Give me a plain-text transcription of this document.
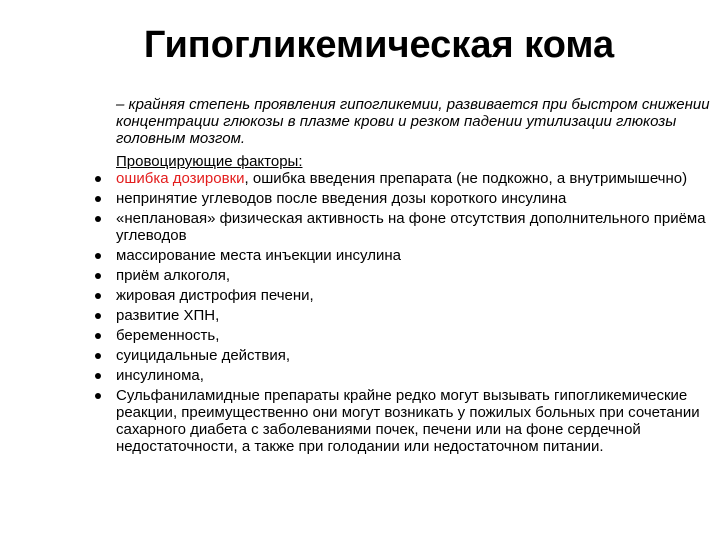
Гипогликемическая кома

– крайняя степень проявления гипогликемии, развивается при быстром снижении концентрации глюкозы в плазме крови и резком падении утилизации глюкозы головным мозгом.

Провоцирующие факторы:

ошибка дозировки, ошибка введения препарата (не подкожно, а внутримышечно)
непринятие углеводов после введения дозы короткого инсулина
«неплановая» физическая активность на фоне отсутствия дополнительного приёма углеводов
массирование места инъекции инсулина
приём алкоголя,
жировая дистрофия печени,
развитие ХПН,
беременность,
суицидальные действия,
инсулинома,
Сульфаниламидные препараты крайне редко могут вызывать гипогликемические реакции, преимущественно они могут возникать у пожилых больных при сочетании сахарного диабета с заболеваниями почек, печени или на фоне сердечной недостаточности, а также при голодании или недостаточном питании.
